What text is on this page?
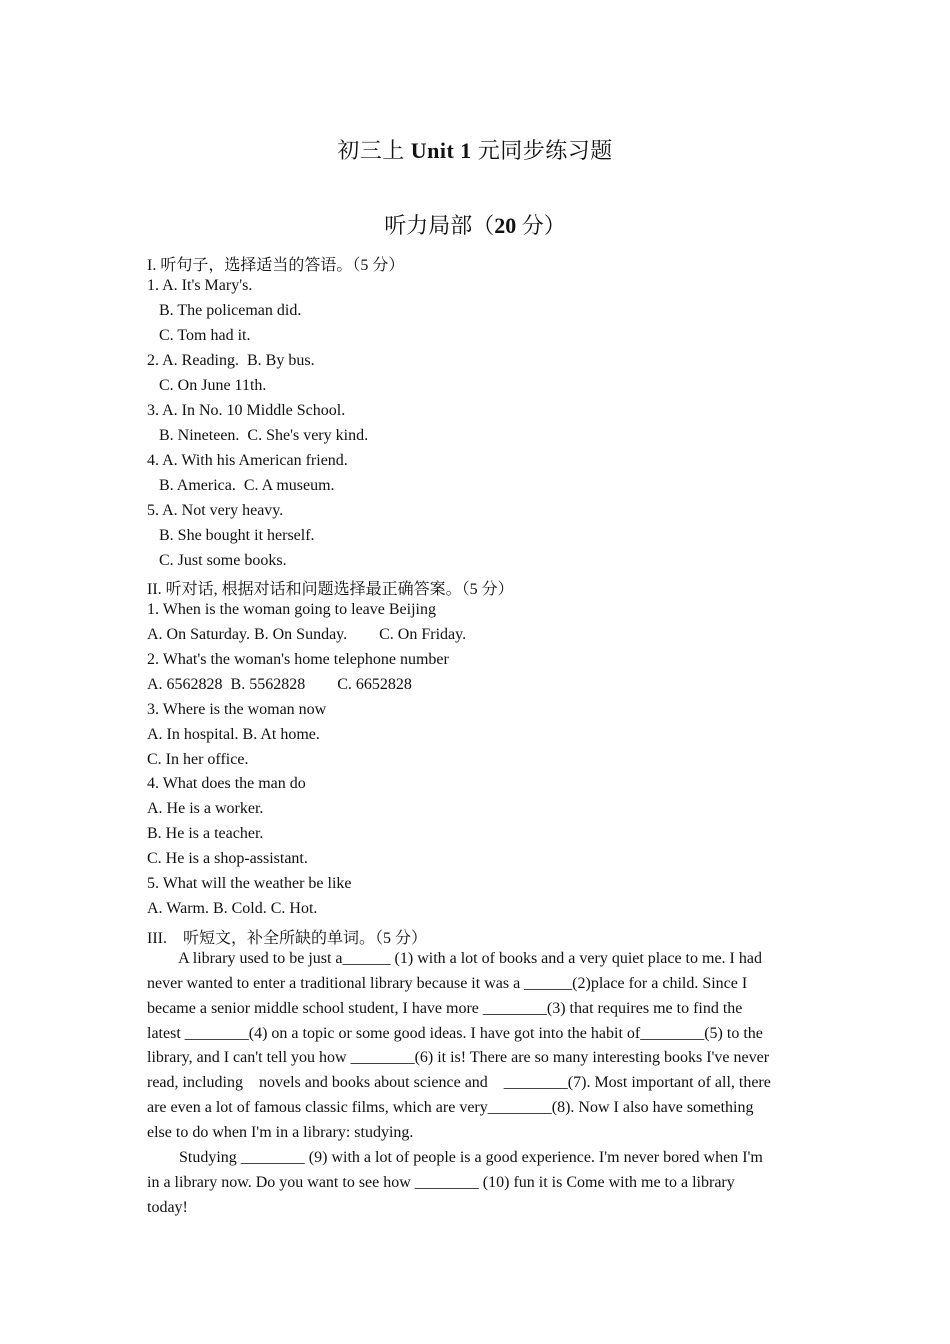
初三上 Unit 1 元同步练习题
听力局部（20 分）
I. 听句子，选择适当的答语。（5 分）
1. A. It's Mary's.
B. The policeman did.
C. Tom had it.
2. A. Reading.  B. By bus.
C. On June 11th.
3. A. In No. 10 Middle School.
B. Nineteen.  C. She's very kind.
4. A. With his American friend.
B. America.  C. A museum.
5. A. Not very heavy.
B. She bought it herself.
C. Just some books.
II. 听对话, 根据对话和问题选择最正确答案。（5 分）
1. When is the woman going to leave Beijing
A. On Saturday. B. On Sunday.        C. On Friday.
2. What's the woman's home telephone number
A. 6562828  B. 5562828        C. 6652828
3. Where is the woman now
A. In hospital. B. At home.
C. In her office.
4. What does the man do
A. He is a worker.
B. He is a teacher.
C. He is a shop-assistant.
5. What will the weather be like
A. Warm. B. Cold. C. Hot.
III.    听短文，补全所缺的单词。（5 分）
A library used to be just a______ (1) with a lot of books and a very quiet place to me. I had
never wanted to enter a traditional library because it was a ______(2)place for a child. Since I
became a senior middle school student, I have more ________(3) that requires me to find the
latest ________(4) on a topic or some good ideas. I have got into the habit of________(5) to the
library, and I can't tell you how ________(6) it is! There are so many interesting books I've never
read, including    novels and books about science and    ________(7). Most important of all, there
are even a lot of famous classic films, which are very________(8). Now I also have something
else to do when I'm in a library: studying.
Studying ________ (9) with a lot of people is a good experience. I'm never bored when I'm
in a library now. Do you want to see how ________ (10) fun it is Come with me to a library
today!
